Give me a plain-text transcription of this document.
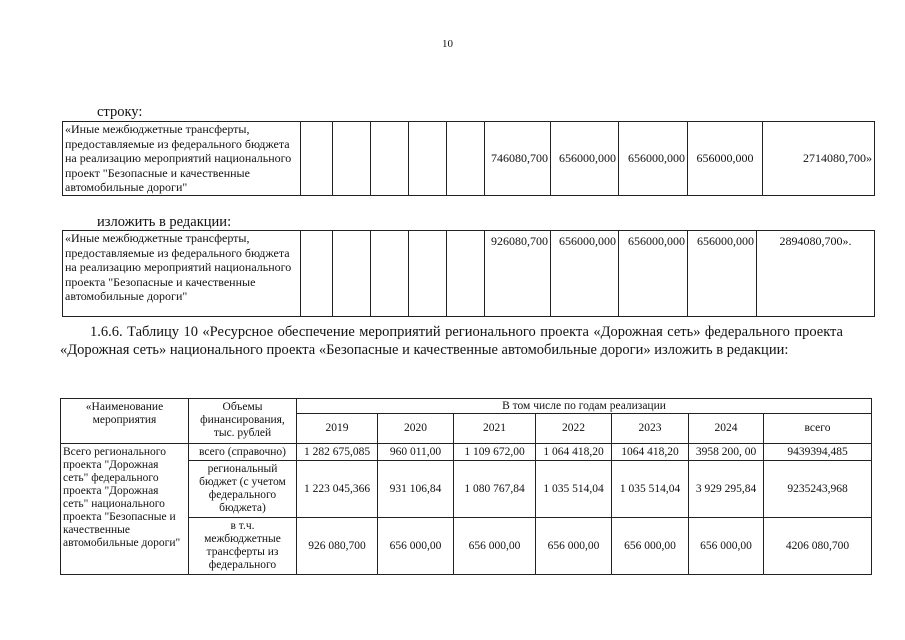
10
строку:
«Иные межбюджетные трансферты, предоставляемые из федерального бюджета на реализацию мероприятий национального проект "Безопасные и качественные автомобильные дороги"						746080,700	656000,000	656000,000	656000,000	2714080,700»
изложить в редакции:
«Иные межбюджетные трансферты, предоставляемые из федерального бюджета на реализацию мероприятий национального проекта "Безопасные и качественные автомобильные дороги"						926080,700	656000,000	656000,000	656000,000	2894080,700».

1.6.6. Таблицу 10 «Ресурсное обеспечение мероприятий регионального проекта «Дорожная сеть» федерального проекта «Дорожная сеть» национального проекта «Безопасные и качественные автомобильные дороги» изложить в редакции:

«Наименование мероприятия	Объемы финансирования, тыс. рублей	В том числе по годам реализации						
		2019	2020	2021	2022	2023	2024	всего
Всего регионального проекта "Дорожная сеть" федерального проекта "Дорожная сеть" национального проекта "Безопасные и качественные автомобильные дороги"	всего (справочно)	1 282 675,085	960 011,00	1 109 672,00	1 064 418,20	1064 418,20	3958 200, 00	9439394,485
	региональный бюджет (с учетом федерального бюджета)	1 223 045,366	931 106,84	1 080 767,84	1 035 514,04	1 035 514,04	3 929 295,84	9235243,968
	в т.ч. межбюджетные трансферты из федерального	926 080,700	656 000,00	656 000,00	656 000,00	656 000,00	656 000,00	4206 080,700
